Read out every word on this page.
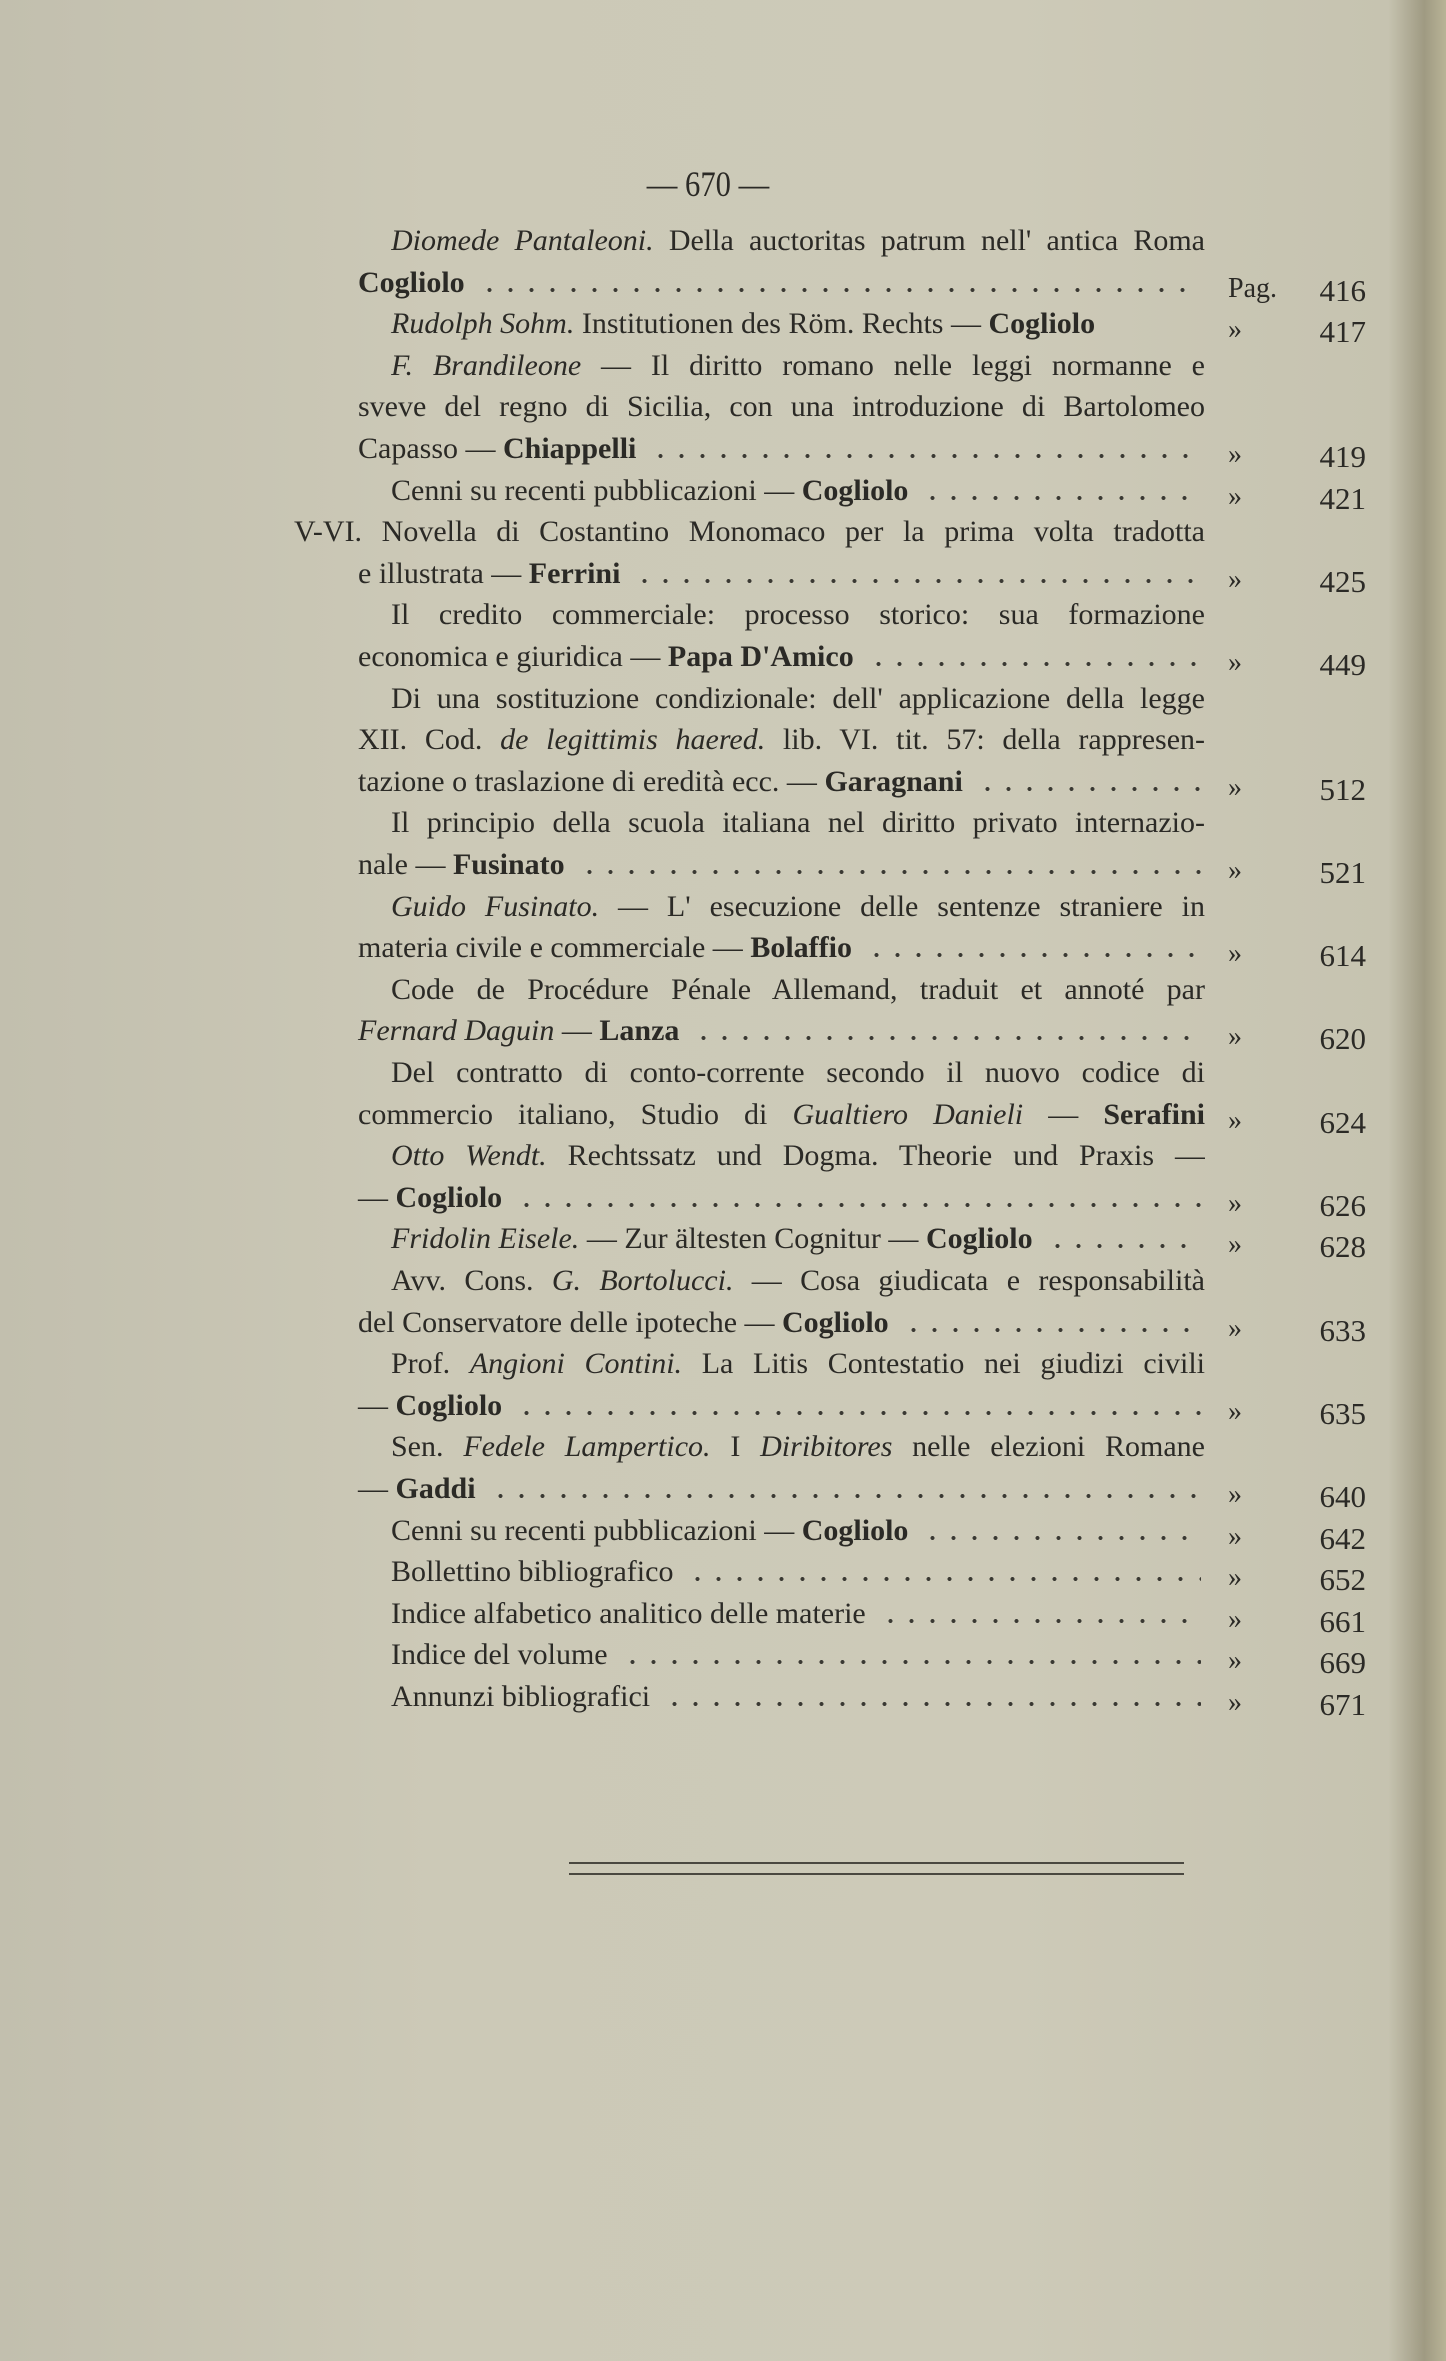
— 670 —
Diomede Pantaleoni. Della auctoritas patrum nell' antica Roma
Cogliolo	Pag. 416
Rudolph Sohm. Institutionen des Röm. Rechts — Cogliolo	»	417
F. Brandileone — Il diritto romano nelle leggi normanne e
sveve del regno di Sicilia, con una introduzione di Bartolomeo
Capasso — Chiappelli	»	419
Cenni su recenti pubblicazioni — Cogliolo	»	421
V-VI. Novella di Costantino Monomaco per la prima volta tradotta
e illustrata — Ferrini	»	425
Il credito commerciale: processo storico: sua formazione
economica e giuridica — Papa D'Amico	»	449
Di una sostituzione condizionale: dell' applicazione della legge
XII. Cod. de legittimis haered. lib. VI. tit. 57: della rappresen-
tazione o traslazione di eredità ecc. — Garagnani	»	512
Il principio della scuola italiana nel diritto privato internazio-
nale — Fusinato	»	521
Guido Fusinato. — L' esecuzione delle sentenze straniere in
materia civile e commerciale — Bolaffio	»	614
Code de Procédure Pénale Allemand, traduit et annoté par
Fernard Daguin — Lanza	»	620
Del contratto di conto-corrente secondo il nuovo codice di
commercio italiano, Studio di Gualtiero Danieli — Serafini »	624
Otto Wendt. Rechtssatz und Dogma. Theorie und Praxis —
— Cogliolo	»	626
Fridolin Eisele. — Zur ältesten Cognitur — Cogliolo	»	628
Avv. Cons. G. Bortolucci. — Cosa giudicata e responsabilità
del Conservatore delle ipoteche — Cogliolo	»	633
Prof. Angioni Contini. La Litis Contestatio nei giudizi civili
— Cogliolo	»	635
Sen. Fedele Lampertico. I Diribitores nelle elezioni Romane
— Gaddi	»	640
Cenni su recenti pubblicazioni — Cogliolo	»	642
Bollettino bibliografico	»	652
Indice alfabetico analitico delle materie	»	661
Indice del volume	»	669
Annunzi bibliografici	»	671
